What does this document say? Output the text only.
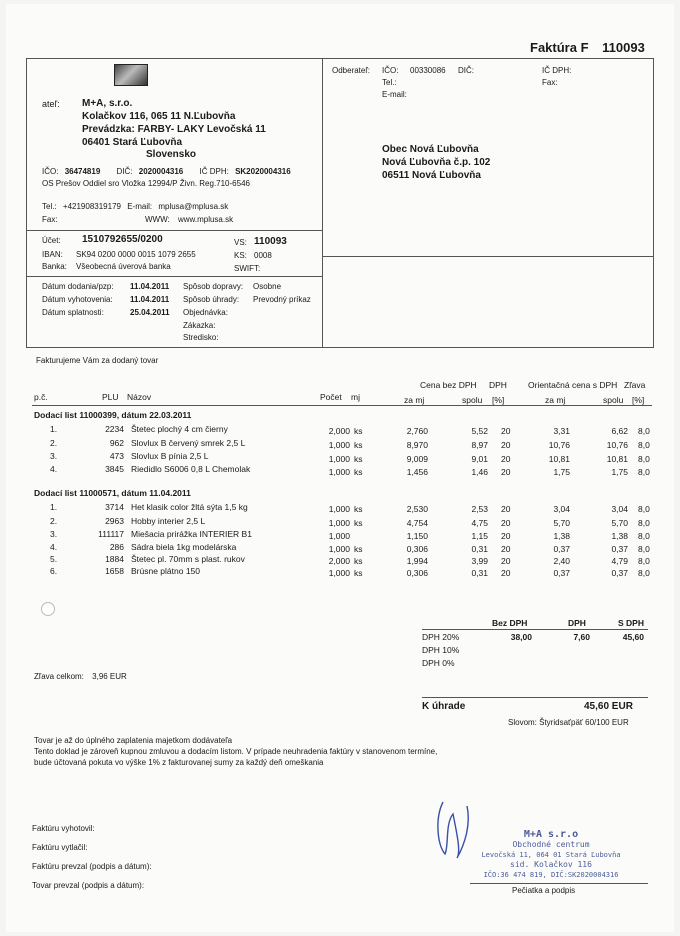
Faktúra F 110093
ateľ: M+A, s.r.o.
Kolačkov 116, 065 11 N.Ľubovňa
Prevádzka: FARBY- LAKY Levočská 11
06401 Stará Ľubovňa
Slovensko
IČO: 36474819 DIČ: 2020004316 IČ DPH: SK2020004316
OS Prešov Oddiel sro Vložka 12994/P Živn. Reg.710-6546
Tel.: +421908319179 E-mail: mplusa@mplusa.sk
Fax:	WWW: www.mplusa.sk
Účet: 1510792655/0200	VS: 110093
IBAN: SK94 0200 0000 0015 1079 2655	KS: 0008
Banka: Všeobecná úverová banka	SWIFT:
Dátum dodania/pzp: 11.04.2011
Dátum vyhotovenia: 11.04.2011
Dátum splatnosti:	25.04.2011
Spôsob dopravy: Osobne
Spôsob úhrady: Prevodný príkaz
Objednávka:
Zákazka:
Stredisko:
Odberateľ: IČO: 00330086 DIČ:	IČ DPH:
Tel.:	Fax:
E-mail:
Obec Nová Ľubovňa
Nová Ľubovňa č.p. 102
06511 Nová Ľubovňa
Fakturujeme Vám za dodaný tovar
Cena bez DPH DPH Orientačná cena s DPH Zľava
p.č.	PLU Názov	Počet mj	za mj	spolu [%]	za mj	spolu [%]
Dodací list 11000399, dátum 22.03.2011
1.	2234 Štetec plochý 4 cm čierny	2,000 ks	2,760	5,52 20	3,31	6,62 8,0
2.	962 Slovlux B červený smrek 2,5 L	1,000 ks	8,970	8,97 20	10,76	10,76 8,0
3.	473 Slovlux B pínia 2,5 L	1,000 ks	9,009	9,01 20	10,81	10,81 8,0
4.	3845 Riedidlo S6006 0,8 L Chemolak	1,000 ks	1,456	1,46 20	1,75	1,75 8,0
Dodací list 11000571, dátum 11.04.2011
1.	3714 Het klasik color žltá sýta 1,5 kg	1,000 ks	2,530	2,53 20	3,04	3,04 8,0
2.	2963 Hobby interier 2,5 L	1,000 ks	4,754	4,75 20	5,70	5,70 8,0
3.	111117 Miešacia prirážka INTERIER B1	1,000	1,150	1,15 20	1,38	1,38 8,0
4.	286 Sádra biela 1kg modelárska	1,000 ks	0,306	0,31 20	0,37	0,37 8,0
5.	1884 Štetec pl. 70mm s plast. rukov	2,000 ks	1,994	3,99 20	2,40	4,79 8,0
6.	1658 Brúsne plátno 150	1,000 ks	0,306	0,31 20	0,37	0,37 8,0
Bez DPH	DPH	S DPH
DPH 20%	38,00	7,60	45,60
DPH 10%
DPH 0%
Zľava celkom: 3,96 EUR
K úhrade	45,60 EUR
Slovom: Štyridsaťpäť 60/100 EUR
Tovar je až do úplného zaplatenia majetkom dodávateľa
Tento doklad je zároveň kupnou zmluvou a dodacím listom. V prípade neuhradenia faktúry v stanovenom termíne,
bude účtovaná pokuta vo výške 1% z fakturovanej sumy za každý deň omeškania
Faktúru vyhotovil:
Faktúru vytlačil:
Faktúru prevzal (podpis a dátum):
Tovar prevzal (podpis a dátum):
M+A s.r.o
Obchodné centrum
Levočská 11, 064 01 Stará Ľubovňa
sid. Kolačkov 116
IČO:36 474 819, DIČ:SK2020004316
Pečiatka a podpis
